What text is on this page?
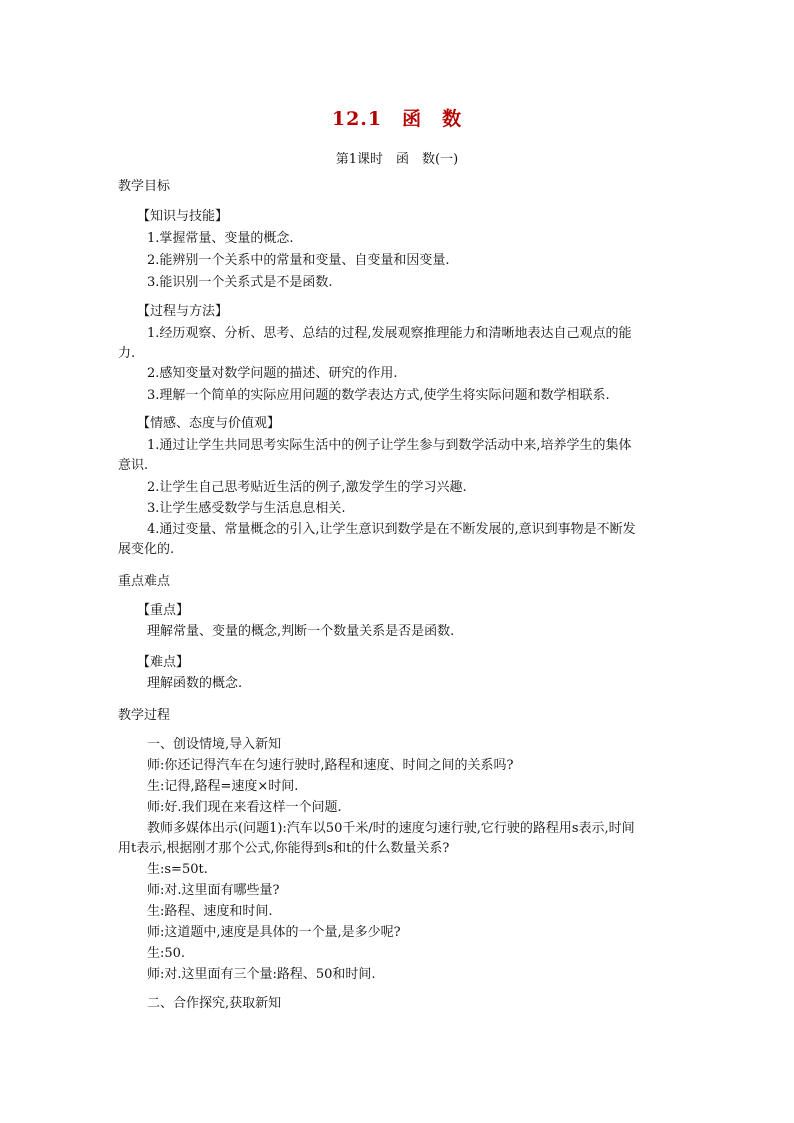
12.1　函　数
第1课时　函　数(一)
教学目标
【知识与技能】
1.掌握常量、变量的概念.
2.能辨别一个关系中的常量和变量、自变量和因变量.
3.能识别一个关系式是不是函数.
【过程与方法】
1.经历观察、分析、思考、总结的过程,发展观察推理能力和清晰地表达自己观点的能
力.
2.感知变量对数学问题的描述、研究的作用.
3.理解一个简单的实际应用问题的数学表达方式,使学生将实际问题和数学相联系.
【情感、态度与价值观】
1.通过让学生共同思考实际生活中的例子让学生参与到数学活动中来,培养学生的集体
意识.
2.让学生自己思考贴近生活的例子,激发学生的学习兴趣.
3.让学生感受数学与生活息息相关.
4.通过变量、常量概念的引入,让学生意识到数学是在不断发展的,意识到事物是不断发
展变化的.
重点难点
【重点】
理解常量、变量的概念,判断一个数量关系是否是函数.
【难点】
理解函数的概念.
教学过程
一、创设情境,导入新知
师:你还记得汽车在匀速行驶时,路程和速度、时间之间的关系吗?
生:记得,路程=速度×时间.
师:好.我们现在来看这样一个问题.
教师多媒体出示(问题1):汽车以50千米/时的速度匀速行驶,它行驶的路程用s表示,时间
用t表示,根据刚才那个公式,你能得到s和t的什么数量关系?
生:s=50t.
师:对.这里面有哪些量?
生:路程、速度和时间.
师:这道题中,速度是具体的一个量,是多少呢?
生:50.
师:对.这里面有三个量:路程、50和时间.
二、合作探究,获取新知
